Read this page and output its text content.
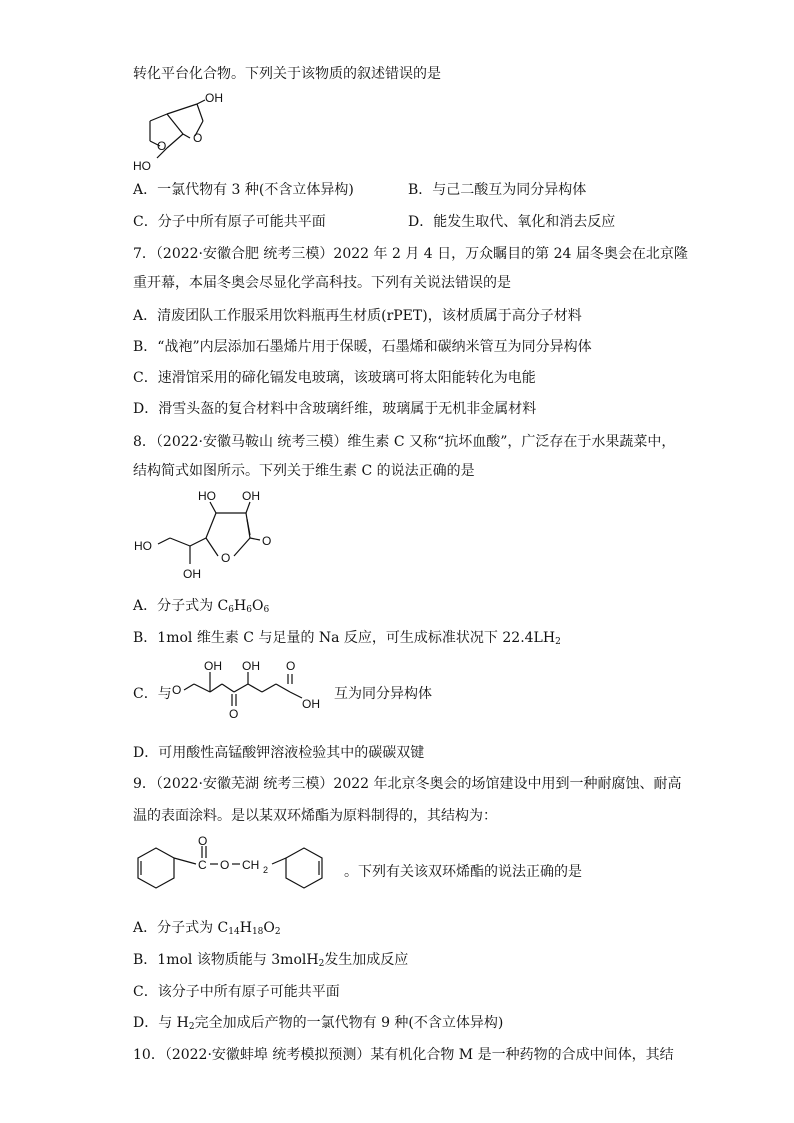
转化平台化合物。下列关于该物质的叙述错误的是
OH
O
O
HO
A．一氯代物有 3 种(不含立体异构)	B．与己二酸互为同分异构体
C．分子中所有原子可能共平面	D．能发生取代、氧化和消去反应
7．（2022·安徽合肥 统考三模）2022 年 2 月 4 日，万众瞩目的第 24 届冬奥会在北京隆
重开幕，本届冬奥会尽显化学高科技。下列有关说法错误的是
A．清废团队工作服采用饮料瓶再生材质(rPET)，该材质属于高分子材料
B．“战袍”内层添加石墨烯片用于保暖，石墨烯和碳纳米管互为同分异构体
C．速滑馆采用的碲化镉发电玻璃，该玻璃可将太阳能转化为电能
D．滑雪头盔的复合材料中含玻璃纤维，玻璃属于无机非金属材料
8．（2022·安徽马鞍山 统考三模）维生素 C 又称“抗坏血酸”，广泛存在于水果蔬菜中，
结构简式如图所示。下列关于维生素 C 的说法正确的是
HO OH
HO
OH
O
O
A．分子式为 $C_6H_6O_6$
B．1mol 维生素 C 与足量的 Na 反应，可生成标准状况下 $22.4LH_2$
C．与
OH OH
O
O
O
OH
互为同分异构体
D．可用酸性高锰酸钾溶液检验其中的碳碳双键
9．（2022·安徽芜湖 统考三模）2022 年北京冬奥会的场馆建设中用到一种耐腐蚀、耐高
温的表面涂料。是以某双环烯酯为原料制得的，其结构为：
O
C O CH 2	。下列有关该双环烯酯的说法正确的是
A．分子式为 $C_{14}H_{18}O_2$
B．1mol 该物质能与 3molH$_2$发生加成反应
C．该分子中所有原子可能共平面
D．与 $H_2$完全加成后产物的一氯代物有 9 种(不含立体异构)
10．（2022·安徽蚌埠 统考模拟预测）某有机化合物 M 是一种药物的合成中间体，其结
